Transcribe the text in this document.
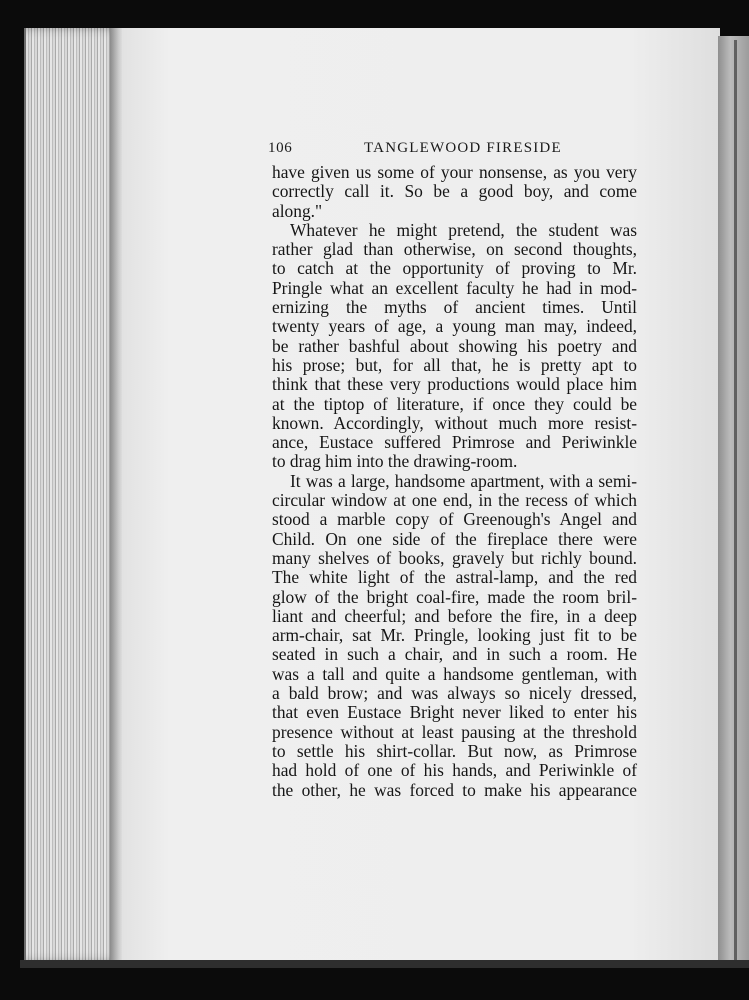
106	TANGLEWOOD FIRESIDE
have given us some of your nonsense, as you very
correctly call it. So be a good boy, and come
along."
Whatever he might pretend, the student was
rather glad than otherwise, on second thoughts,
to catch at the opportunity of proving to Mr.
Pringle what an excellent faculty he had in mod-
ernizing the myths of ancient times. Until
twenty years of age, a young man may, indeed,
be rather bashful about showing his poetry and
his prose; but, for all that, he is pretty apt to
think that these very productions would place him
at the tiptop of literature, if once they could be
known. Accordingly, without much more resist-
ance, Eustace suffered Primrose and Periwinkle
to drag him into the drawing-room.
It was a large, handsome apartment, with a semi-
circular window at one end, in the recess of which
stood a marble copy of Greenough's Angel and
Child. On one side of the fireplace there were
many shelves of books, gravely but richly bound.
The white light of the astral-lamp, and the red
glow of the bright coal-fire, made the room bril-
liant and cheerful; and before the fire, in a deep
arm-chair, sat Mr. Pringle, looking just fit to be
seated in such a chair, and in such a room. He
was a tall and quite a handsome gentleman, with
a bald brow; and was always so nicely dressed,
that even Eustace Bright never liked to enter his
presence without at least pausing at the threshold
to settle his shirt-collar. But now, as Primrose
had hold of one of his hands, and Periwinkle of
the other, he was forced to make his appearance
